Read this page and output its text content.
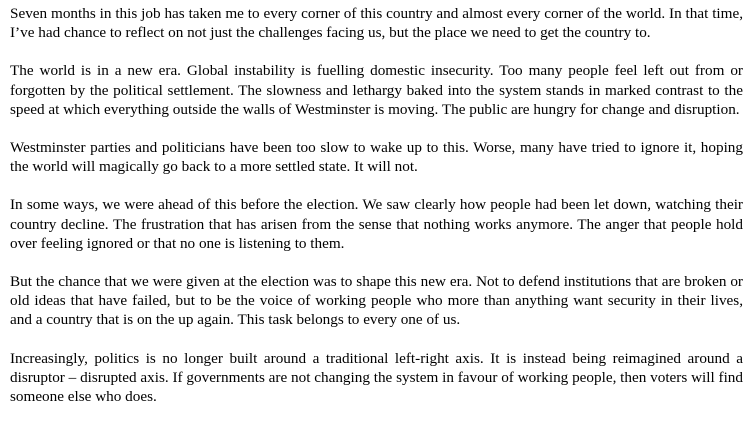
Seven months in this job has taken me to every corner of this country and almost every corner of the world. In that time,  I’ve had chance to reflect on not just the challenges facing us, but the place we need to get the country to.

The world is in a new era. Global instability is fuelling domestic insecurity. Too many people feel left out from or forgotten by the political settlement. The slowness and lethargy baked into the system stands in marked contrast to the speed at which everything outside the walls of Westminster is moving. The public are hungry for change and disruption.

Westminster parties and politicians have been too slow to wake up to this. Worse, many have tried to ignore it, hoping the world will magically go back to a more settled state. It will not.

In some ways, we were ahead of this before the election. We saw clearly how people had been let down, watching their country decline. The frustration that has arisen from the sense that nothing works anymore. The anger that people hold over feeling ignored or that no one is listening to them.

But the chance that we were given at the election was to shape this new era. Not to defend institutions that are broken or old ideas that have failed, but to be the voice of working people who more than anything want security in their lives, and a country that is on the up again. This task belongs to every one of us.

Increasingly, politics is no longer built around a traditional left-right axis. It is instead being reimagined around a disruptor – disrupted axis. If governments are not changing the system in favour of working people, then voters will find someone else who does.
